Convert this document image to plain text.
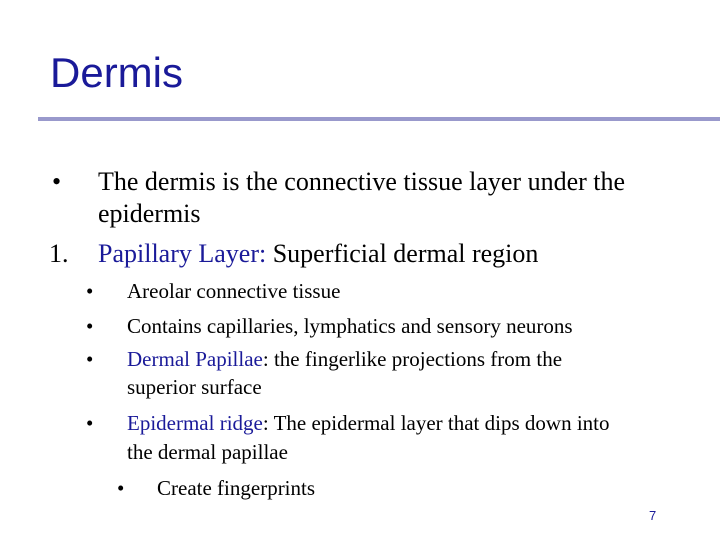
Dermis
• The dermis is the connective tissue layer under the
epidermis
1. Papillary Layer: Superficial dermal region
• Areolar connective tissue
• Contains capillaries, lymphatics and sensory neurons
• Dermal Papillae: the fingerlike projections from the
superior surface
• Epidermal ridge: The epidermal layer that dips down into
the dermal papillae
• Create fingerprints
7
